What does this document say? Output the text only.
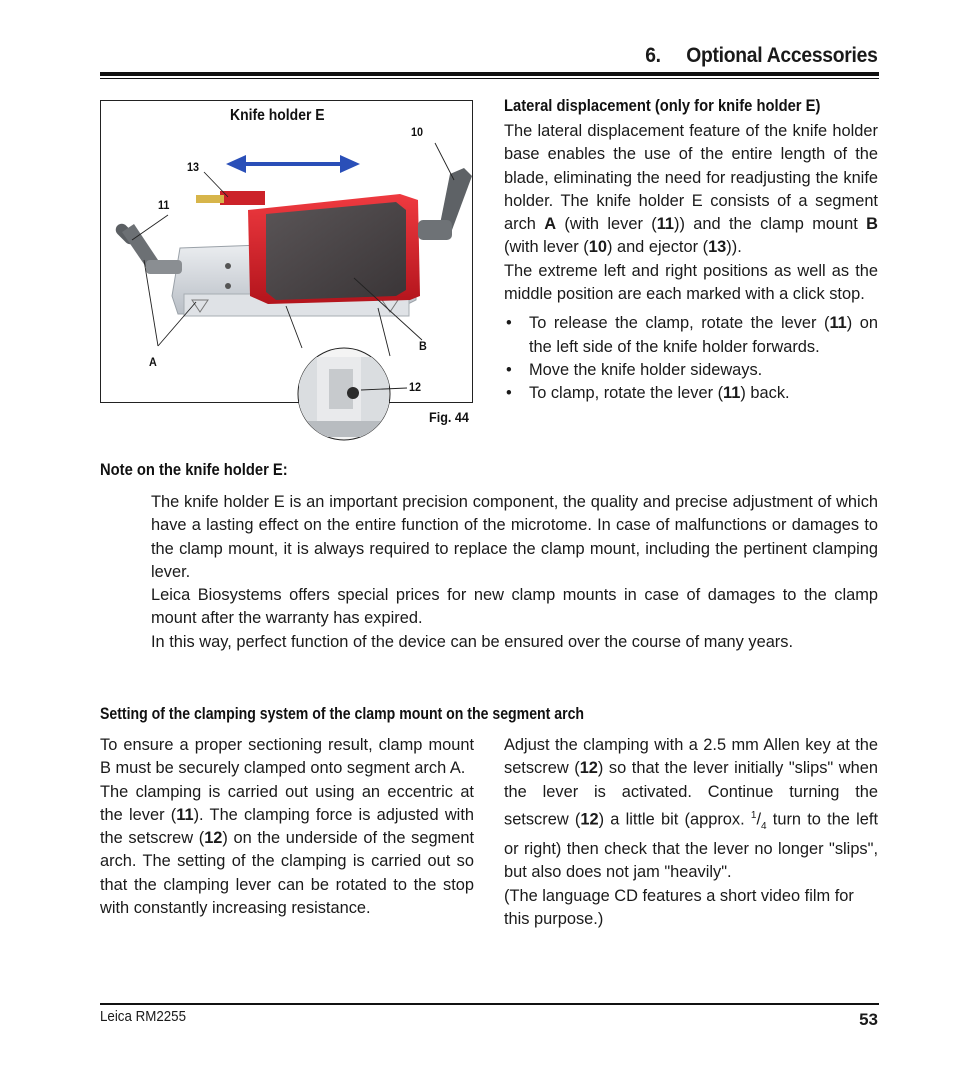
6.     Optional Accessories
Knife holder E
10
13
11
A
B
12
Fig. 44
Lateral displacement (only for knife holder E)

The lateral displacement feature of the knife holder base enables the use of the entire length of the blade, eliminating the need for readjusting the knife holder. The knife holder E consists of a segment arch A (with lever (11)) and the clamp mount B (with lever (10) and ejector (13)).

The extreme left and right positions as well as the middle position are each marked with a click stop.

• To release the clamp, rotate the lever (11) on the left side of the knife holder forwards.
• Move the knife holder sideways.
• To clamp, rotate the lever (11) back.
Note on the knife holder E:

The knife holder E is an important precision component, the quality and precise adjustment of which have a lasting effect on the entire function of the microtome. In case of malfunctions or damages to the clamp mount, it is always required to replace the clamp mount, including the pertinent clamping lever.

Leica Biosystems offers special prices for new clamp mounts in case of damages to the clamp mount after the warranty has expired.

In this way, perfect function of the device can be ensured over the course of many years.

Setting of the clamping system of the clamp mount on the segment arch

To ensure a proper sectioning result, clamp mount B must be securely clamped onto segment arch A.

The clamping is carried out using an eccentric at the lever (11). The clamping force is adjusted with the setscrew (12) on the underside of the segment arch. The setting of the clamping is carried out so that the clamping lever can be rotated to the stop with constantly increasing resistance.

Adjust the clamping with a 2.5 mm Allen key at the setscrew (12) so that the lever initially "slips" when the lever is activated. Continue turning the setscrew (12) a little bit (approx. $^1/_4$ turn to the left or right) then check that the lever no longer "slips", but also does not jam "heavily".

(The language CD features a short video film for this purpose.)

Leica RM2255	53
